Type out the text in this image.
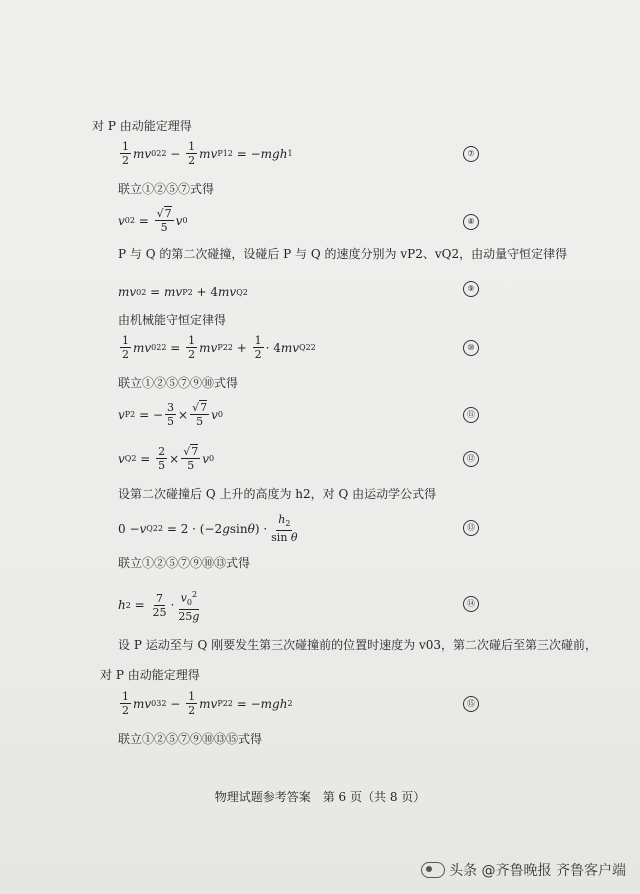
对 P 由动能定理得
$\frac{1}{2}$ mv 02 $2 - \frac{1}{2}$ mv P1 2 = − mgh 1	⑦
联立①②⑤⑦式得
v $02 = \frac{√7}{5}$ v 0	⑧
P 与 Q 的第二次碰撞，设碰后 P 与 Q 的速度分别为 vP2、vQ2，由动量守恒定律得
mv 02 = mv P2 + 4 mv Q2	⑨
由机械能守恒定律得
$\frac{1}{2}$ mv 02 $2 = \frac{1}{2}$ mv P2 $2 + \frac{1}{2} \cdot 4$ mv Q2 2	⑩
联立①②⑤⑦⑨⑩式得
v P2 = − $\frac{3}{5} \times \frac{√7}{5}$ v 0	⑪
v $Q2 = \frac{2}{5} \times \frac{√7}{5}$ v 0	⑫
设第二次碰撞后 Q 上升的高度为 h2，对 Q 由运动学公式得
0 − v Q2 2 = 2 · (−2 g sin θ ) · $\frac{h_2}{\text{sin θ}}$	⑬
联立①②⑤⑦⑨⑩⑬式得
h $2 = \frac{7}{25} \cdot \frac{v_0^2}{25g}$	⑭
设 P 运动至与 Q 刚要发生第三次碰撞前的位置时速度为 v03，第二次碰后至第三次碰前，
对 P 由动能定理得
$\frac{1}{2}$ mv 03 $2 - \frac{1}{2}$ mv P2 2 = − mgh 2	⑮
联立①②⑤⑦⑨⑩⑬⑮式得
物理试题参考答案　第 6 页（共 8 页）
头条 @齐鲁晚报 齐鲁客户端
